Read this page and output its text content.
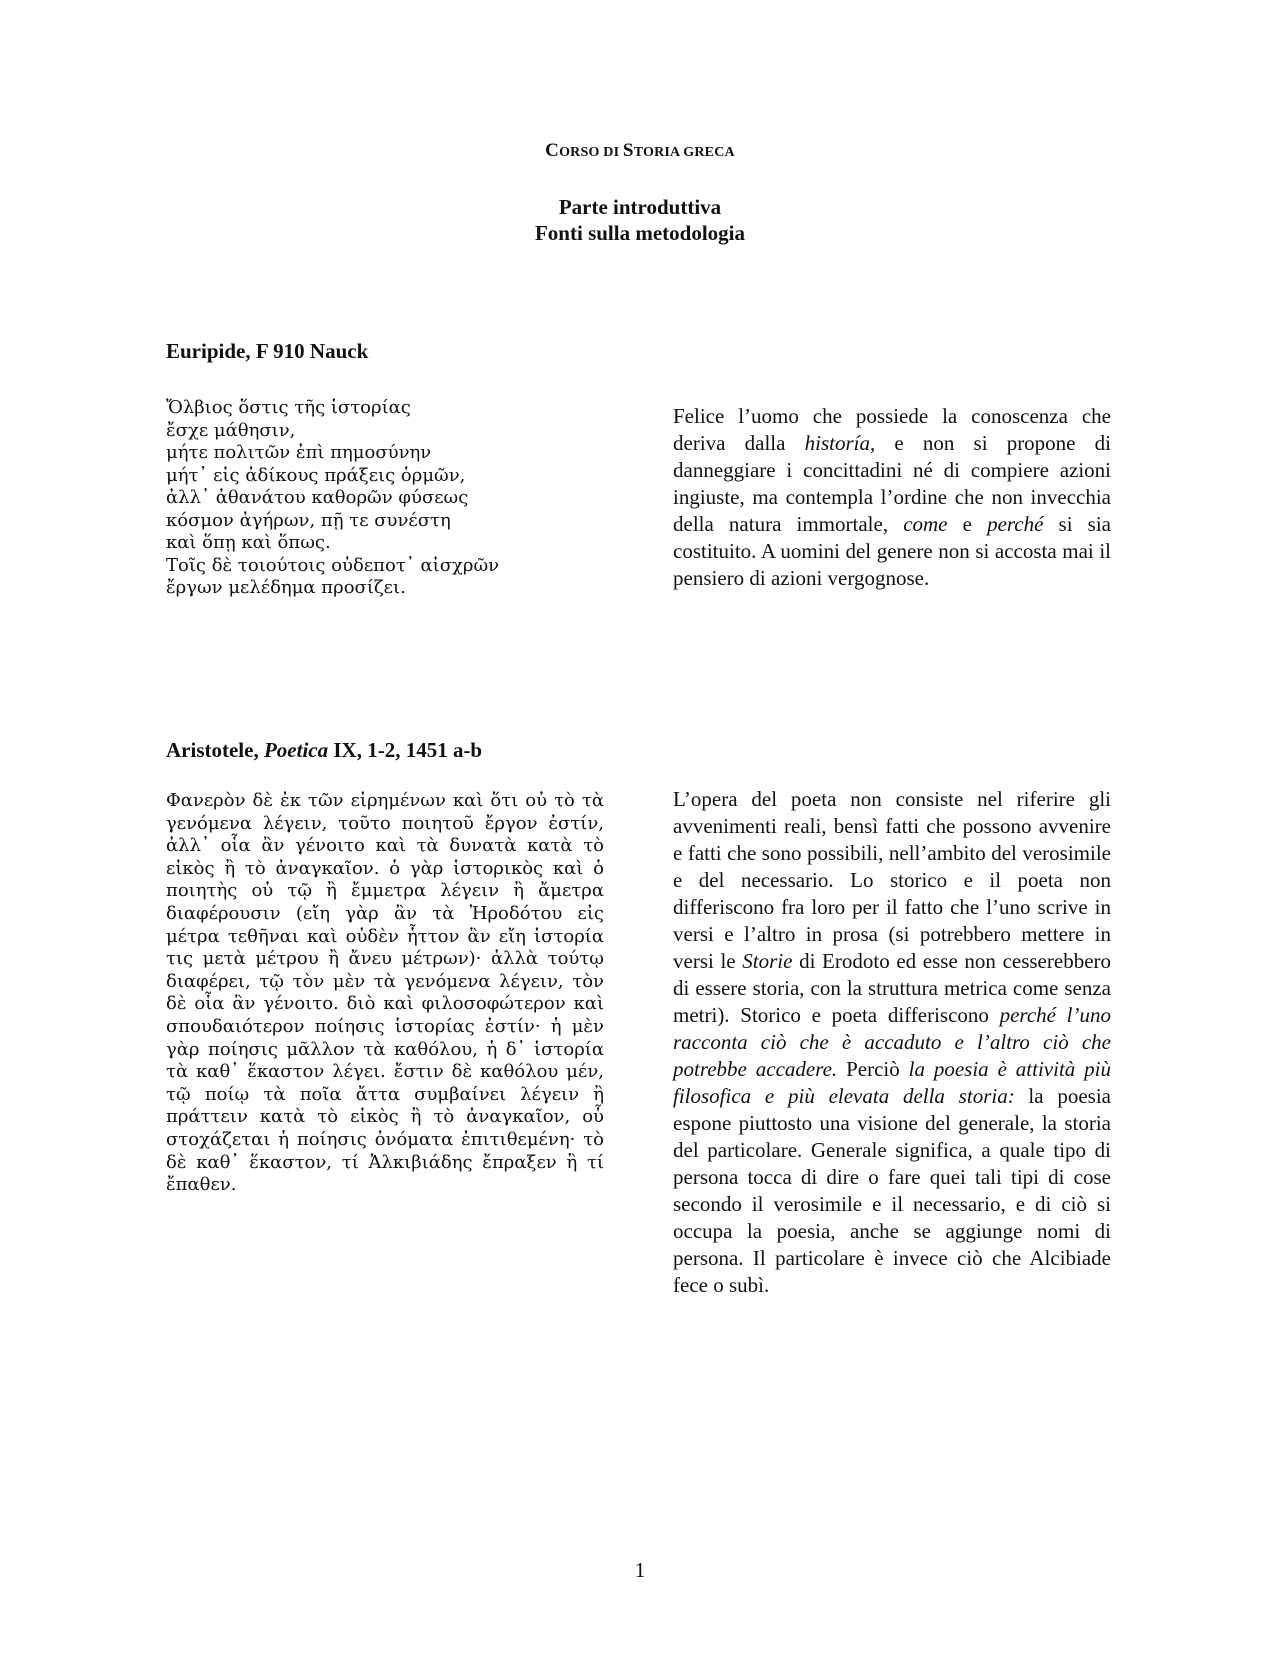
CORSO DI STORIA GRECA
Parte introduttiva
Fonti sulla metodologia
Euripide, F 910 Nauck
Ὄλβιος ὅστις τῆς ἱστορίας
ἔσχε μάθησιν,
μήτε πολιτῶν ἐπὶ πημοσύνην
μήτ᾽ εἰς ἀδίκους πράξεις ὁρμῶν,
ἀλλ᾽ ἀθανάτου καθορῶν φύσεως
κόσμον ἀγήρων, πῇ τε συνέστη
καὶ ὅπῃ καὶ ὅπως.
Τοῖς δὲ τοιούτοις οὐδεποτ᾽ αἰσχρῶν
ἔργων μελέδημα προσίζει.

Felice l’uomo che possiede la conoscenza che deriva dalla historía, e non si propone di danneggiare i concittadini né di compiere azioni ingiuste, ma contempla l’ordine che non invecchia della natura immortale, come e perché si sia costituito. A uomini del genere non si accosta mai il pensiero di azioni vergognose.

Aristotele, Poetica IX, 1-2, 1451 a-b

Φανερὸν δὲ ἐκ τῶν εἰρημένων καὶ ὅτι οὐ τὸ τὰ γενόμενα λέγειν, τοῦτο ποιητοῦ ἔργον ἐστίν, ἀλλ᾽ οἷα ἂν γένοιτο καὶ τὰ δυνατὰ κατὰ τὸ εἰκὸς ἢ τὸ ἀναγκαῖον. ὁ γὰρ ἱστορικὸς καὶ ὁ ποιητὴς οὐ τῷ ἢ ἔμμετρα λέγειν ἢ ἄμετρα διαφέρουσιν (εἴη γὰρ ἂν τὰ Ἡροδότου εἰς μέτρα τεθῆναι καὶ οὐδὲν ἧττον ἂν εἴη ἱστορία τις μετὰ μέτρου ἢ ἄνευ μέτρων)· ἀλλὰ τούτῳ διαφέρει, τῷ τὸν μὲν τὰ γενόμενα λέγειν, τὸν δὲ οἷα ἂν γένοιτο. διὸ καὶ φιλοσοφώτερον καὶ σπουδαιότερον ποίησις ἱστορίας ἐστίν· ἡ μὲν γὰρ ποίησις μᾶλλον τὰ καθόλου, ἡ δ᾽ ἱστορία τὰ καθ᾽ ἕκαστον λέγει. ἔστιν δὲ καθόλου μέν, τῷ ποίῳ τὰ ποῖα ἄττα συμβαίνει λέγειν ἢ πράττειν κατὰ τὸ εἰκὸς ἢ τὸ ἀναγκαῖον, οὗ στοχάζεται ἡ ποίησις ὀνόματα ἐπιτιθεμένη· τὸ δὲ καθ᾽ ἕκαστον, τί Ἀλκιβιάδης ἔπραξεν ἢ τί ἔπαθεν.

L’opera del poeta non consiste nel riferire gli avvenimenti reali, bensì fatti che possono avvenire e fatti che sono possibili, nell’ambito del verosimile e del necessario. Lo storico e il poeta non differiscono fra loro per il fatto che l’uno scrive in versi e l’altro in prosa (si potrebbero mettere in versi le Storie di Erodoto ed esse non cesserebbero di essere storia, con la struttura metrica come senza metri). Storico e poeta differiscono perché l’uno racconta ciò che è accaduto e l’altro ciò che potrebbe accadere. Perciò la poesia è attività più filosofica e più elevata della storia: la poesia espone piuttosto una visione del generale, la storia del particolare. Generale significa, a quale tipo di persona tocca di dire o fare quei tali tipi di cose secondo il verosimile e il necessario, e di ciò si occupa la poesia, anche se aggiunge nomi di persona. Il particolare è invece ciò che Alcibiade fece o subì.

1
